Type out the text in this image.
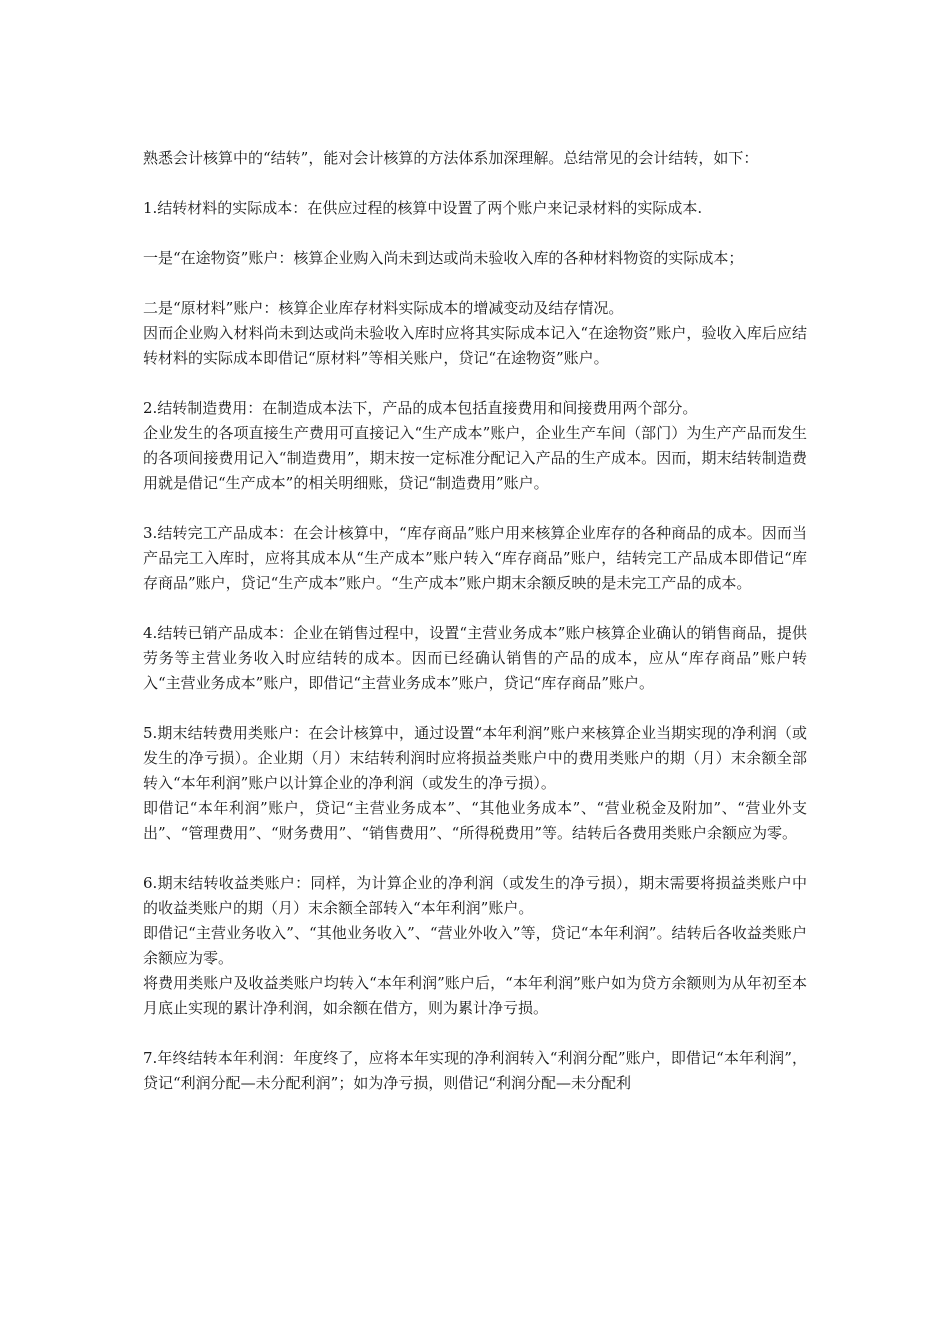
熟悉会计核算中的“结转”，能对会计核算的方法体系加深理解。总结常见的会计结转，如下：
1.结转材料的实际成本：在供应过程的核算中设置了两个账户来记录材料的实际成本.
一是“在途物资”账户：核算企业购入尚未到达或尚未验收入库的各种材料物资的实际成本；
二是“原材料”账户：核算企业库存材料实际成本的增减变动及结存情况。
因而企业购入材料尚未到达或尚未验收入库时应将其实际成本记入“在途物资”账户，验收入库后应结转材料的实际成本即借记“原材料”等相关账户，贷记“在途物资”账户。
2.结转制造费用：在制造成本法下，产品的成本包括直接费用和间接费用两个部分。
企业发生的各项直接生产费用可直接记入“生产成本”账户，企业生产车间（部门）为生产产品而发生的各项间接费用记入“制造费用”，期末按一定标准分配记入产品的生产成本。因而，期末结转制造费用就是借记“生产成本”的相关明细账，贷记“制造费用”账户。
3.结转完工产品成本：在会计核算中，“库存商品”账户用来核算企业库存的各种商品的成本。因而当产品完工入库时，应将其成本从“生产成本”账户转入“库存商品”账户，结转完工产品成本即借记“库存商品”账户，贷记“生产成本”账户。“生产成本”账户期末余额反映的是未完工产品的成本。
4.结转已销产品成本：企业在销售过程中，设置“主营业务成本”账户核算企业确认的销售商品，提供劳务等主营业务收入时应结转的成本。因而已经确认销售的产品的成本，应从“库存商品”账户转入“主营业务成本”账户，即借记“主营业务成本”账户，贷记“库存商品”账户。
5.期末结转费用类账户：在会计核算中，通过设置“本年利润”账户来核算企业当期实现的净利润（或发生的净亏损）。企业期（月）末结转利润时应将损益类账户中的费用类账户的期（月）末余额全部转入“本年利润”账户以计算企业的净利润（或发生的净亏损）。
即借记“本年利润”账户，贷记“主营业务成本”、“其他业务成本”、“营业税金及附加”、“营业外支出”、“管理费用”、“财务费用”、“销售费用”、“所得税费用”等。结转后各费用类账户余额应为零。
6.期末结转收益类账户：同样，为计算企业的净利润（或发生的净亏损），期末需要将损益类账户中的收益类账户的期（月）末余额全部转入“本年利润”账户。
即借记“主营业务收入”、“其他业务收入”、“营业外收入”等，贷记“本年利润”。结转后各收益类账户余额应为零。
将费用类账户及收益类账户均转入“本年利润”账户后，“本年利润”账户如为贷方余额则为从年初至本月底止实现的累计净利润，如余额在借方，则为累计净亏损。
7.年终结转本年利润：年度终了，应将本年实现的净利润转入“利润分配”账户，即借记“本年利润”，贷记“利润分配—未分配利润”；如为净亏损，则借记“利润分配—未分配利
